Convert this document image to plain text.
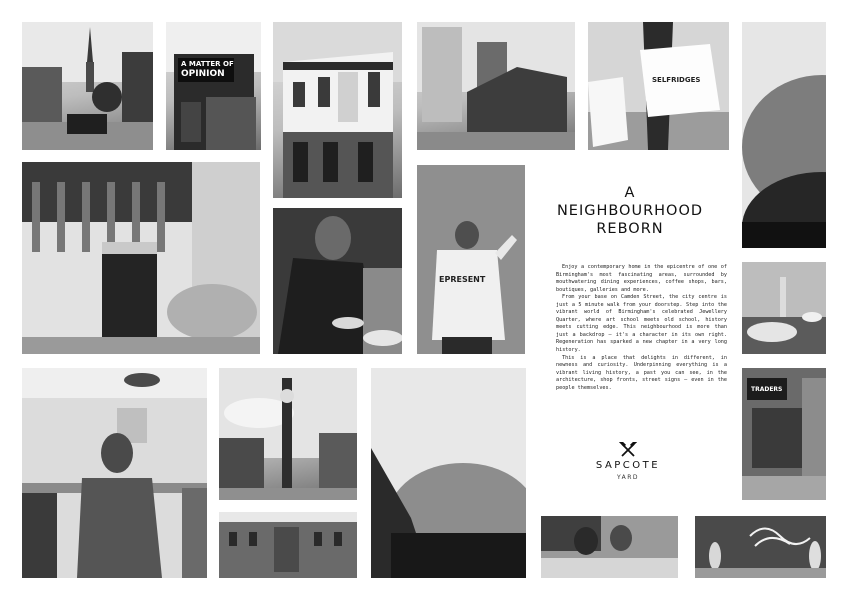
A MATTER OF
OPINION
SELFRIDGES
EPRESENT
A
NEIGHBOURHOOD
REBORN

Enjoy a contemporary home in the epicentre of one of Birmingham's most fascinating areas, surrounded by mouthwatering dining experiences, coffee shops, bars, boutiques, galleries and more.

From your base on Camden Street, the city centre is just a 5 minute walk from your doorstep. Step into the vibrant world of Birmingham's celebrated Jewellery Quarter, where art school meets old school, history meets cutting edge. This neighbourhood is more than just a backdrop – it's a character in its own right. Regeneration has sparked a new chapter in a very long history.

This is a place that delights in different, in newness and curiosity. Underpinning everything is a vibrant living history, a past you can see, in the architecture, shop fronts, street signs – even in the people themselves.

SAPCOTE
YARD
TRADERS
